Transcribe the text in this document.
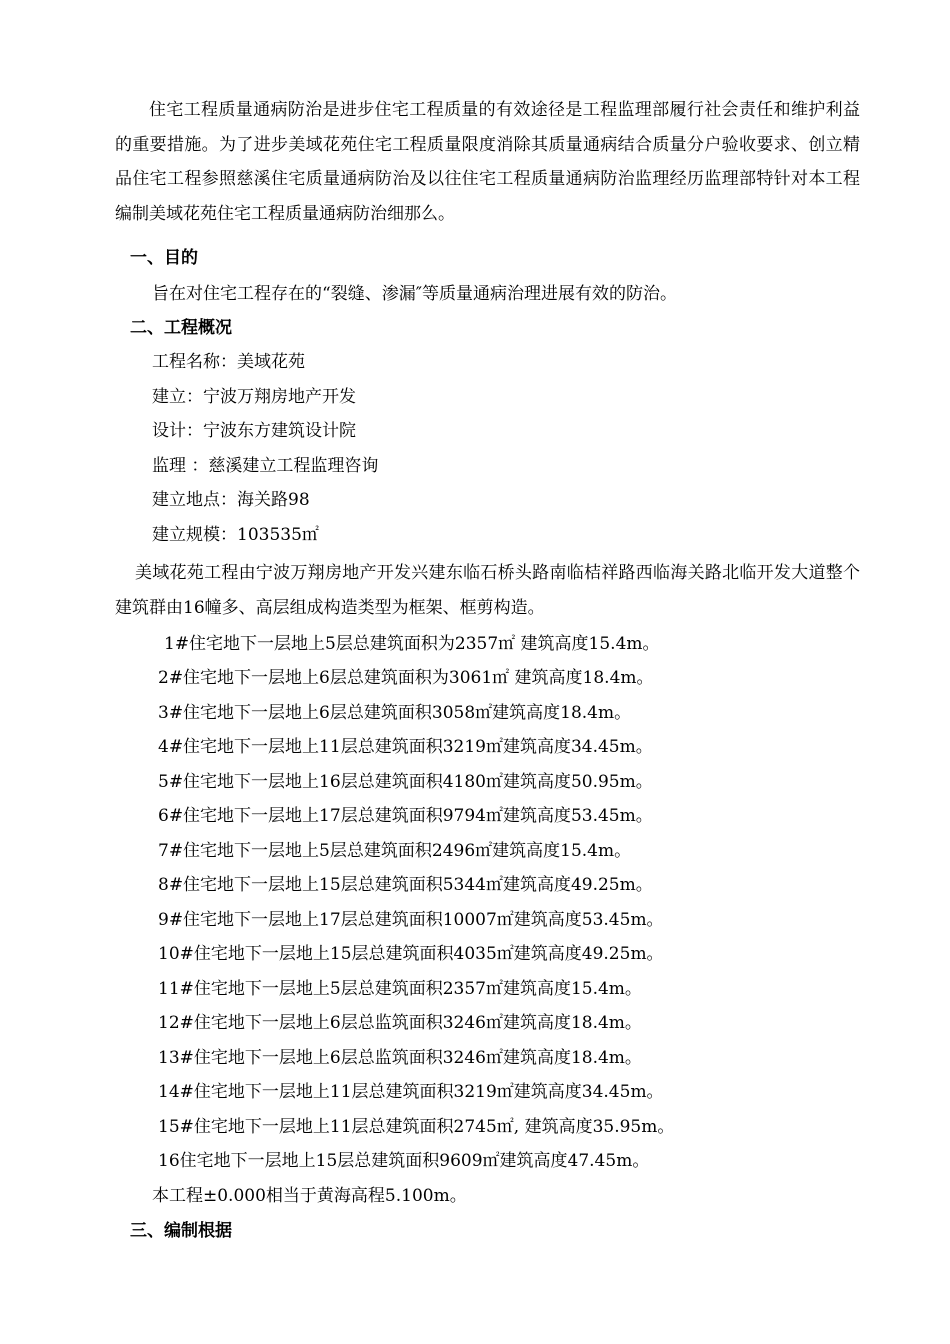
住宅工程质量通病防治是进步住宅工程质量的有效途径是工程监理部履行社会责任和维护利益的重要措施。为了进步美域花苑住宅工程质量限度消除其质量通病结合质量分户验收要求、创立精品住宅工程参照慈溪住宅质量通病防治及以往住宅工程质量通病防治监理经历监理部特针对本工程编制美域花苑住宅工程质量通病防治细那么。

一、目的

旨在对住宅工程存在的“裂缝、渗漏″等质量通病治理进展有效的防治。

二、工程概况

工程名称：美域花苑

建立：宁波万翔房地产开发

设计：宁波东方建筑设计院

监理 ：慈溪建立工程监理咨询

建立地点：海关路98

建立规模：103535㎡

美域花苑工程由宁波万翔房地产开发兴建东临石桥头路南临桔祥路西临海关路北临开发大道整个建筑群由16幢多、高层组成构造类型为框架、框剪构造。

1#住宅地下一层地上5层总建筑面积为2357㎡ 建筑高度15.4m。

2#住宅地下一层地上6层总建筑面积为3061㎡ 建筑高度18.4m。

3#住宅地下一层地上6层总建筑面积3058㎡建筑高度18.4m。

4#住宅地下一层地上11层总建筑面积3219㎡建筑高度34.45m。

5#住宅地下一层地上16层总建筑面积4180㎡建筑高度50.95m。

6#住宅地下一层地上17层总建筑面积9794㎡建筑高度53.45m。

7#住宅地下一层地上5层总建筑面积2496㎡建筑高度15.4m。

8#住宅地下一层地上15层总建筑面积5344㎡建筑高度49.25m。

9#住宅地下一层地上17层总建筑面积10007㎡建筑高度53.45m。

10#住宅地下一层地上15层总建筑面积4035㎡建筑高度49.25m。

11#住宅地下一层地上5层总建筑面积2357㎡建筑高度15.4m。

12#住宅地下一层地上6层总监筑面积3246㎡建筑高度18.4m。

13#住宅地下一层地上6层总监筑面积3246㎡建筑高度18.4m。

14#住宅地下一层地上11层总建筑面积3219㎡建筑高度34.45m。

15#住宅地下一层地上11层总建筑面积2745㎡, 建筑高度35.95m。

16住宅地下一层地上15层总建筑面积9609㎡建筑高度47.45m。

本工程±0.000相当于黄海高程5.100m。

三、编制根据
